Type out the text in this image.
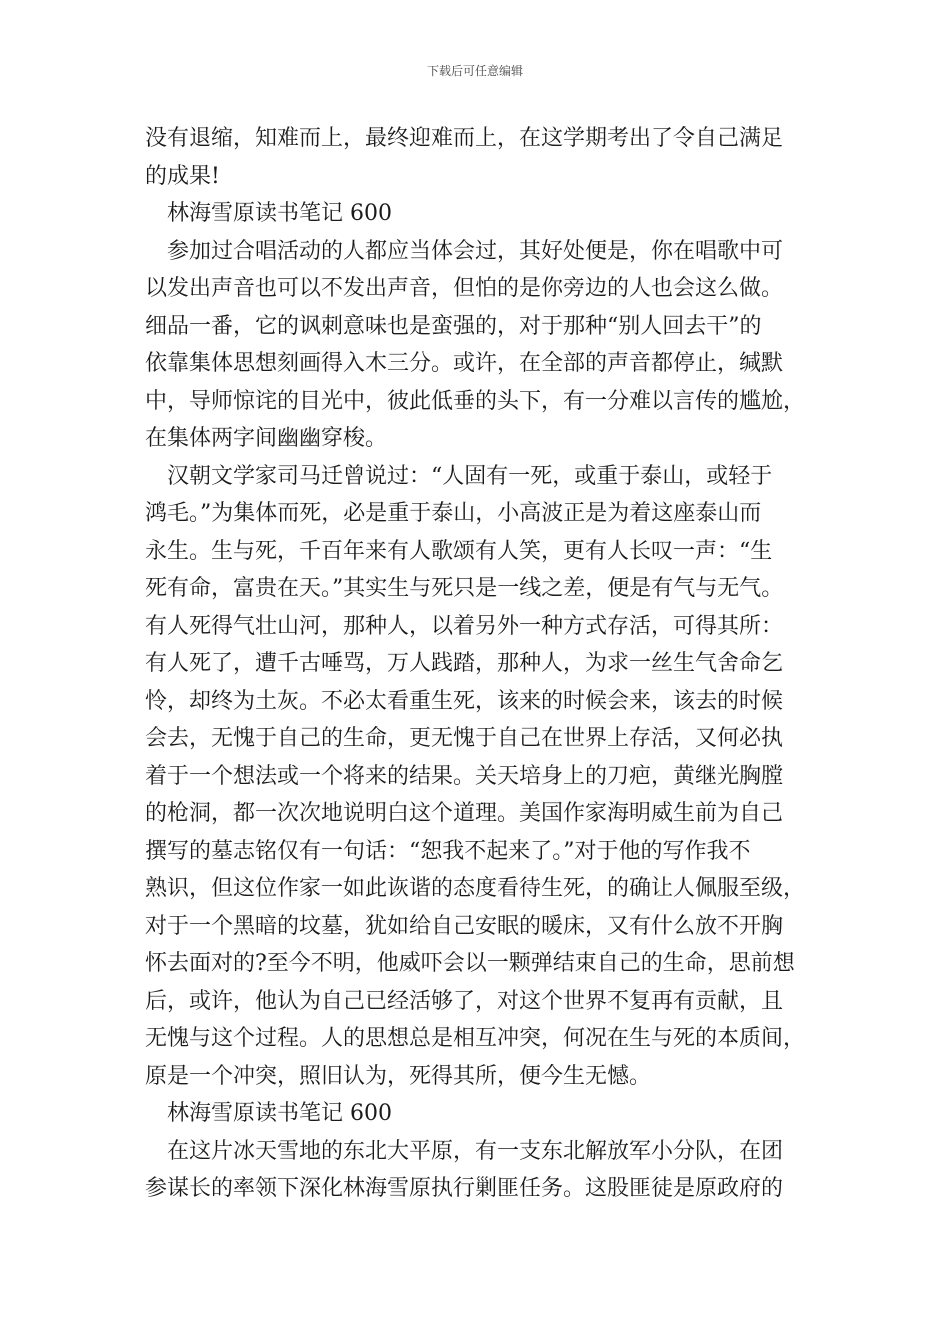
下载后可任意编辑

没有退缩，知难而上，最终迎难而上，在这学期考出了令自己满足

的成果!

林海雪原读书笔记 600

参加过合唱活动的人都应当体会过，其好处便是，你在唱歌中可

以发出声音也可以不发出声音，但怕的是你旁边的人也会这么做。

细品一番，它的讽刺意味也是蛮强的，对于那种“别人回去干”的

依靠集体思想刻画得入木三分。或许，在全部的声音都停止，缄默

中，导师惊诧的目光中，彼此低垂的头下，有一分难以言传的尴尬，

在集体两字间幽幽穿梭。

汉朝文学家司马迁曾说过：“人固有一死，或重于泰山，或轻于

鸿毛。”为集体而死，必是重于泰山，小高波正是为着这座泰山而

永生。生与死，千百年来有人歌颂有人笑，更有人长叹一声：“生

死有命，富贵在天。”其实生与死只是一线之差，便是有气与无气。

有人死得气壮山河，那种人，以着另外一种方式存活，可得其所：

有人死了，遭千古唾骂，万人践踏，那种人，为求一丝生气舍命乞

怜，却终为土灰。不必太看重生死，该来的时候会来，该去的时候

会去，无愧于自己的生命，更无愧于自己在世界上存活，又何必执

着于一个想法或一个将来的结果。关天培身上的刀疤，黄继光胸膛

的枪洞，都一次次地说明白这个道理。美国作家海明威生前为自己

撰写的墓志铭仅有一句话：“恕我不起来了。”对于他的写作我不

熟识，但这位作家一如此诙谐的态度看待生死，的确让人佩服至级，

对于一个黑暗的坟墓，犹如给自己安眠的暖床，又有什么放不开胸

怀去面对的?至今不明，他威吓会以一颗弹结束自己的生命，思前想

后，或许，他认为自己已经活够了，对这个世界不复再有贡献，且

无愧与这个过程。人的思想总是相互冲突，何况在生与死的本质间，

原是一个冲突，照旧认为，死得其所，便今生无憾。

林海雪原读书笔记 600

在这片冰天雪地的东北大平原，有一支东北解放军小分队，在团

参谋长的率领下深化林海雪原执行剿匪任务。这股匪徒是原政府的
